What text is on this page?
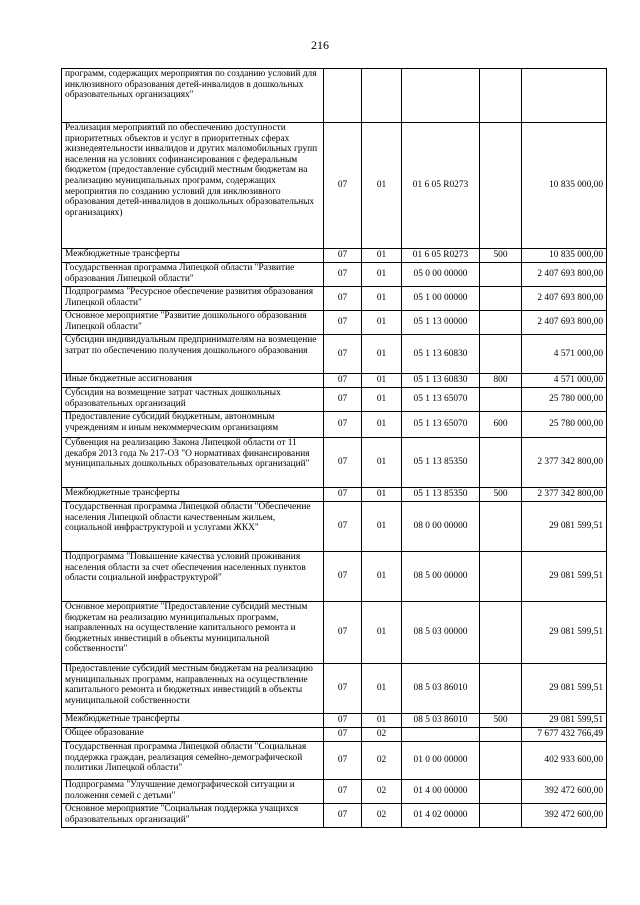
216
программ, содержащих мероприятия по созданию условий для инклюзивного образования детей-инвалидов в дошкольных образовательных организациях"					
Реализация мероприятий по обеспечению доступности приоритетных объектов и услуг в приоритетных сферах жизнедеятельности инвалидов и других маломобильных групп населения на условиях софинансирования с федеральным бюджетом (предоставление субсидий местным бюджетам на реализацию муниципальных программ, содержащих мероприятия по созданию условий для инклюзивного образования детей-инвалидов в дошкольных образовательных организациях)	07	01	01 6 05 R0273		10 835 000,00
Межбюджетные трансферты	07	01	01 6 05 R0273	500	10 835 000,00
Государственная программа Липецкой области "Развитие образования Липецкой области"	07	01	05 0 00 00000		2 407 693 800,00
Подпрограмма "Ресурсное обеспечение развития образования Липецкой области"	07	01	05 1 00 00000		2 407 693 800,00
Основное мероприятие "Развитие дошкольного образования Липецкой области"	07	01	05 1 13 00000		2 407 693 800,00
Субсидии индивидуальным предпринимателям на возмещение затрат по обеспечению получения дошкольного образования	07	01	05 1 13 60830		4 571 000,00
Иные бюджетные ассигнования	07	01	05 1 13 60830	800	4 571 000,00
Субсидия на возмещение затрат частных дошкольных образовательных организаций	07	01	05 1 13 65070		25 780 000,00
Предоставление субсидий бюджетным, автономным учреждениям и иным некоммерческим организациям	07	01	05 1 13 65070	600	25 780 000,00
Субвенция на реализацию Закона Липецкой области от 11 декабря 2013 года № 217-ОЗ "О нормативах финансирования муниципальных дошкольных образовательных организаций"	07	01	05 1 13 85350		2 377 342 800,00
Межбюджетные трансферты	07	01	05 1 13 85350	500	2 377 342 800,00
Государственная программа Липецкой области "Обеспечение населения Липецкой области качественным жильем, социальной инфраструктурой и услугами ЖКХ"	07	01	08 0 00 00000		29 081 599,51
Подпрограмма "Повышение качества условий проживания населения области за счет обеспечения населенных пунктов области социальной инфраструктурой"	07	01	08 5 00 00000		29 081 599,51
Основное мероприятие "Предоставление субсидий местным бюджетам на реализацию муниципальных программ, направленных на осуществление капитального ремонта и бюджетных инвестиций в объекты муниципальной собственности"	07	01	08 5 03 00000		29 081 599,51
Предоставление субсидий местным бюджетам на реализацию муниципальных программ, направленных на осуществление капитального ремонта и бюджетных инвестиций в объекты муниципальной собственности	07	01	08 5 03 86010		29 081 599,51
Межбюджетные трансферты	07	01	08 5 03 86010	500	29 081 599,51
Общее образование	07	02			7 677 432 766,49
Государственная программа Липецкой области "Социальная поддержка граждан, реализация семейно-демографической политики Липецкой области"	07	02	01 0 00 00000		402 933 600,00
Подпрограмма "Улучшение демографической ситуации и положения семей с детьми"	07	02	01 4 00 00000		392 472 600,00
Основное мероприятие "Социальная поддержка учащихся образовательных организаций"	07	02	01 4 02 00000		392 472 600,00
